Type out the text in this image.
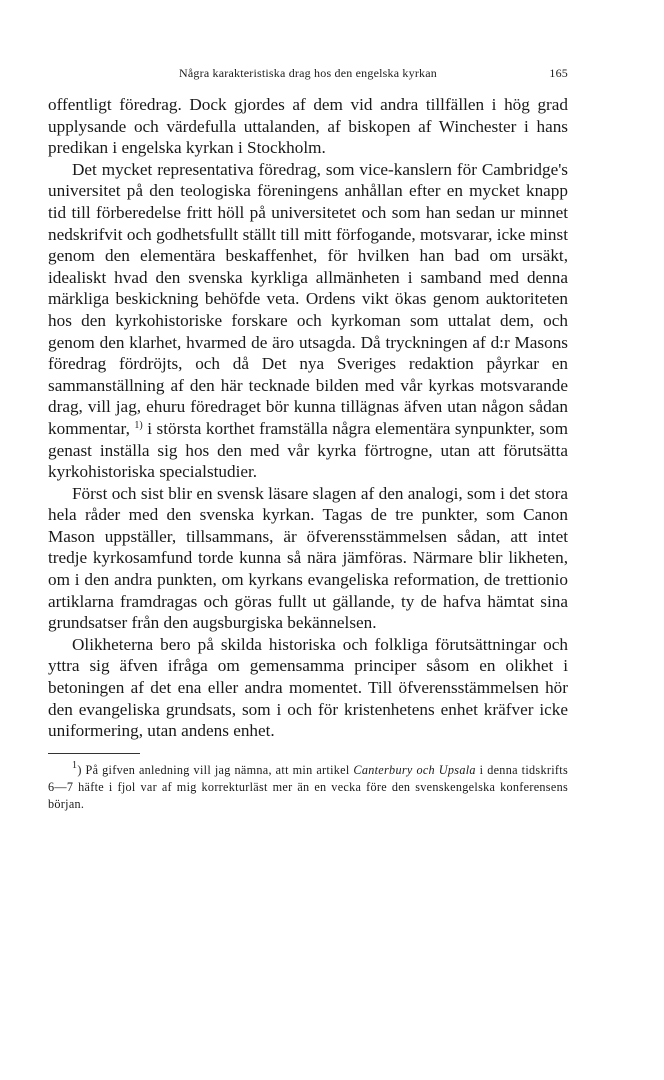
Några karakteristiska drag hos den engelska kyrkan	165

offentligt föredrag. Dock gjordes af dem vid andra tillfällen i hög grad upplysande och värdefulla uttalanden, af biskopen af Winchester i hans predikan i engelska kyrkan i Stockholm.

Det mycket representativa föredrag, som vice-kanslern för Cambridge's universitet på den teologiska föreningens anhållan efter en mycket knapp tid till förberedelse fritt höll på universitetet och som han sedan ur minnet nedskrifvit och godhetsfullt ställt till mitt förfogande, motsvarar, icke minst genom den elementära beskaffenhet, för hvilken han bad om ursäkt, idealiskt hvad den svenska kyrkliga allmänheten i samband med denna märkliga beskickning behöfde veta. Ordens vikt ökas genom auktoriteten hos den kyrkohistoriske forskare och kyrkoman som uttalat dem, och genom den klarhet, hvarmed de äro utsagda. Då tryckningen af d:r Masons föredrag fördröjts, och då Det nya Sveriges redaktion påyrkar en sammanställning af den här tecknade bilden med vår kyrkas motsvarande drag, vill jag, ehuru föredraget bör kunna tillägnas äfven utan någon sådan kommentar, $^{1)}$ i största korthet framställa några elementära synpunkter, som genast inställa sig hos den med vår kyrka förtrogne, utan att förutsätta kyrkohistoriska specialstudier.

Först och sist blir en svensk läsare slagen af den analogi, som i det stora hela råder med den svenska kyrkan. Tagas de tre punkter, som Canon Mason uppställer, tillsammans, är öfverensstämmelsen sådan, att intet tredje kyrkosamfund torde kunna så nära jämföras. Närmare blir likheten, om i den andra punkten, om kyrkans evangeliska reformation, de trettionio artiklarna framdragas och göras fullt ut gällande, ty de hafva hämtat sina grundsatser från den augsburgiska bekännelsen.

Olikheterna bero på skilda historiska och folkliga förutsättningar och yttra sig äfven ifråga om gemensamma principer såsom en olikhet i betoningen af det ena eller andra momentet. Till öfverensstämmelsen hör den evangeliska grundsats, som i och för kristenhetens enhet kräfver icke uniformering, utan andens enhet.

$^1$) På gifven anledning vill jag nämna, att min artikel Canterbury och Upsala i denna tidskrifts 6—7 häfte i fjol var af mig korrekturläst mer än en vecka före den svenskengelska konferensens början.
